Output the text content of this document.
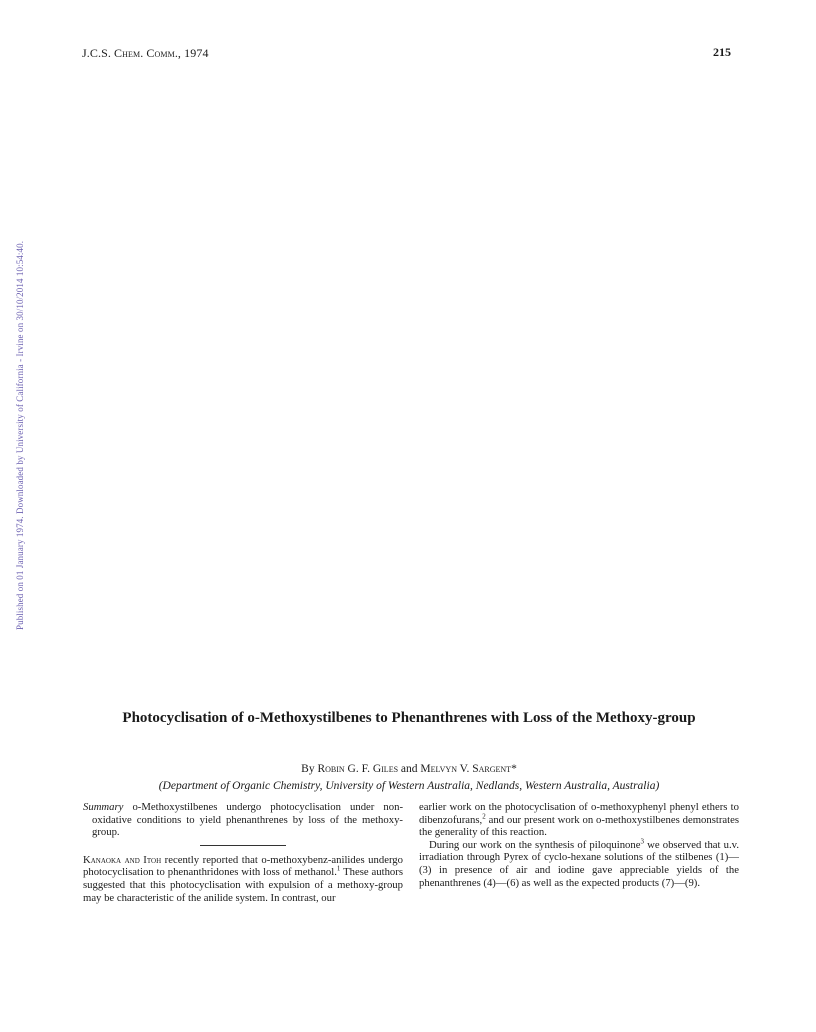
J.C.S. Chem. Comm., 1974	215
Published on 01 January 1974. Downloaded by University of California - Irvine on 30/10/2014 10:54:40.
Photocyclisation of o-Methoxystilbenes to Phenanthrenes with Loss of the Methoxy-group
By Robin G. F. Giles and Melvyn V. Sargent*
(Department of Organic Chemistry, University of Western Australia, Nedlands, Western Australia, Australia)

Summary o-Methoxystilbenes undergo photocyclisation under non-oxidative conditions to yield phenanthrenes by loss of the methoxy-group.

Kanaoka and Itoh recently reported that o-methoxybenz-anilides undergo photocyclisation to phenanthridones with loss of methanol.$^1$ These authors suggested that this photocyclisation with expulsion of a methoxy-group may be characteristic of the anilide system. In contrast, our

earlier work on the photocyclisation of o-methoxyphenyl phenyl ethers to dibenzofurans,$^2$ and our present work on o-methoxystilbenes demonstrates the generality of this reaction.

During our work on the synthesis of piloquinone$^3$ we observed that u.v. irradiation through Pyrex of cyclo-hexane solutions of the stilbenes (1)—(3) in presence of air and iodine gave appreciable yields of the phenanthrenes (4)—(6) as well as the expected products (7)—(9).
